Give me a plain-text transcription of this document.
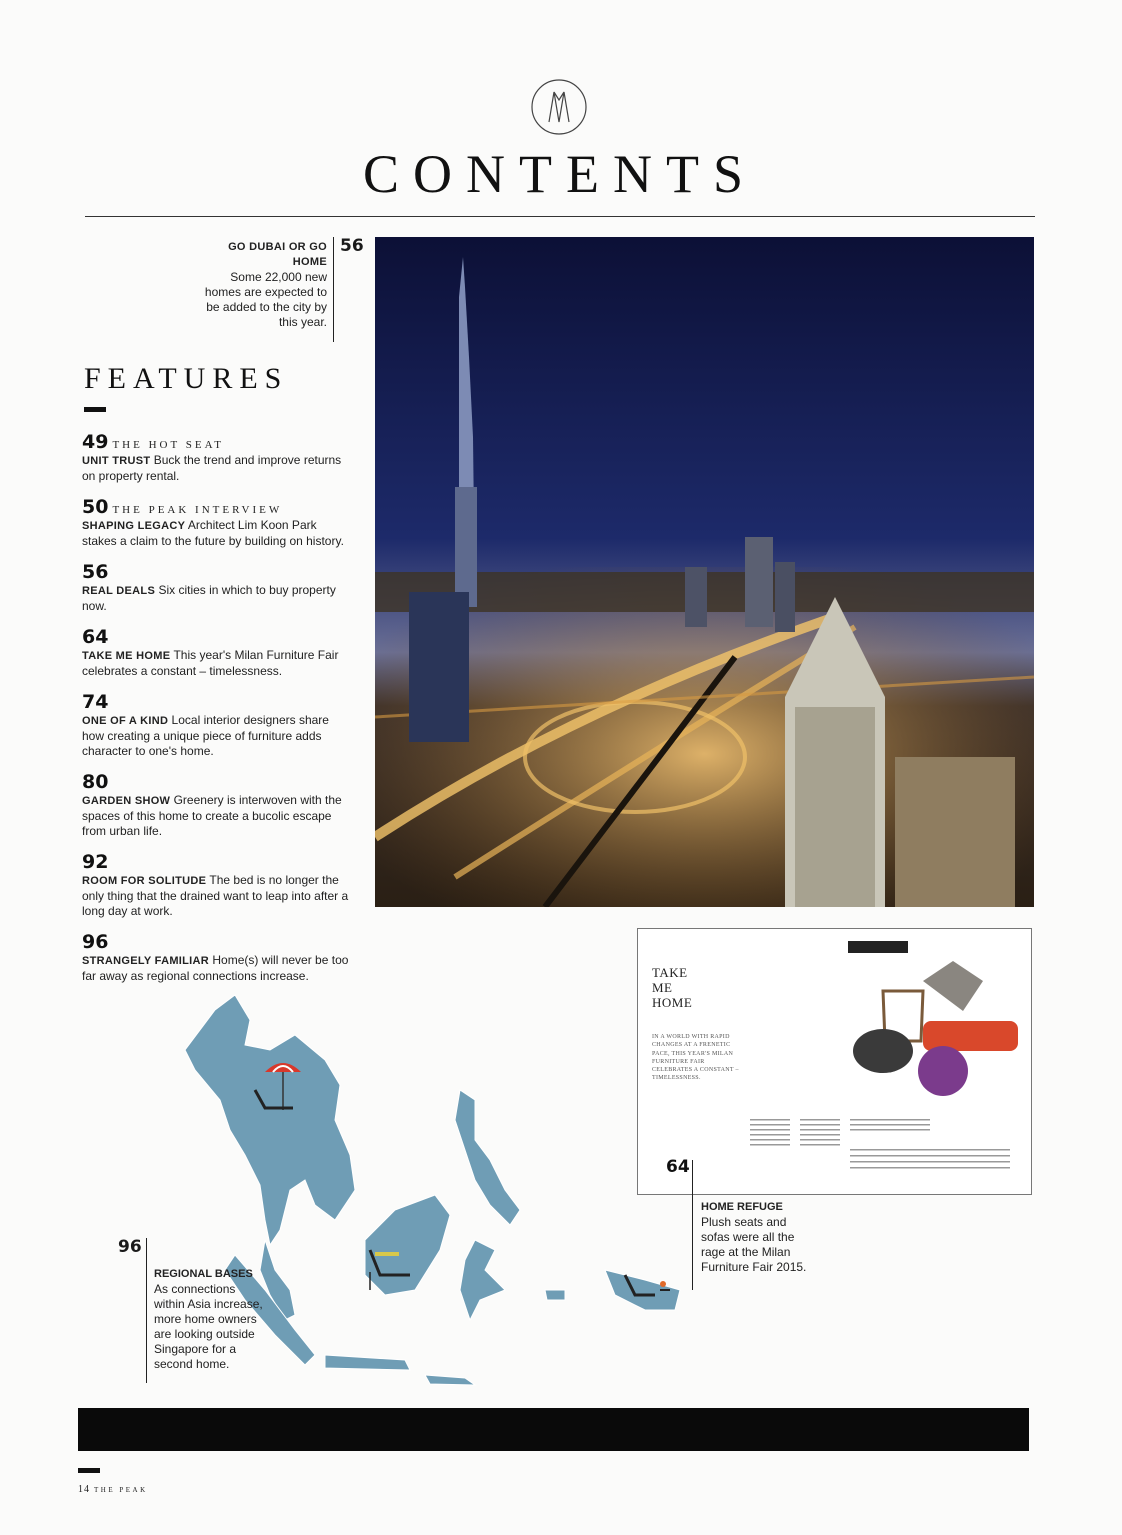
CONTENTS
GO DUBAI OR GO HOME
Some 22,000 new homes are expected to be added to the city by this year.
56
FEATURES
49 THE HOT SEAT
UNIT TRUST Buck the trend and improve returns on property rental.
50 THE PEAK INTERVIEW
SHAPING LEGACY Architect Lim Koon Park stakes a claim to the future by building on history.
56
REAL DEALS Six cities in which to buy property now.
64
TAKE ME HOME This year's Milan Furniture Fair celebrates a constant – timelessness.
74
ONE OF A KIND Local interior designers share how creating a unique piece of furniture adds character to one's home.
80
GARDEN SHOW Greenery is interwoven with the spaces of this home to create a bucolic escape from urban life.
92
ROOM FOR SOLITUDE The bed is no longer the only thing that the drained want to leap into after a long day at work.
96
STRANGELY FAMILIAR Home(s) will never be too far away as regional connections increase.
96
REGIONAL BASES
As connections within Asia increase, more home owners are looking outside Singapore for a second home.
TAKE
ME
HOME
IN A WORLD WITH RAPID CHANGES AT A FRENETIC PACE, THIS YEAR'S MILAN FURNITURE FAIR CELEBRATES A CONSTANT – TIMELESSNESS.
64
HOME REFUGE
Plush seats and sofas were all the rage at the Milan Furniture Fair 2015.
14 THE PEAK
